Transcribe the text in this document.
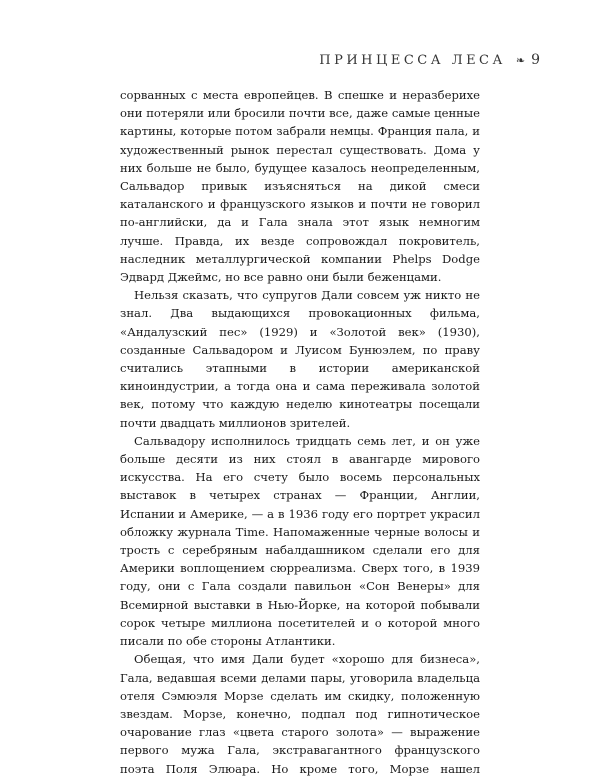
ПРИНЦЕССА ЛЕСА ❧ 9

сорванных с места европейцев. В спешке и неразберихе они потеряли или бросили почти все, даже самые ценные картины, которые потом забрали немцы. Франция пала, и художественный рынок перестал существовать. Дома у них больше не было, будущее казалось неопределенным, Сальвадор привык изъясняться на дикой смеси каталанского и французского языков и почти не говорил по-английски, да и Гала знала этот язык немногим лучше. Правда, их везде сопровождал покровитель, наследник металлургической компании Phelps Dodge Эдвард Джеймс, но все равно они были беженцами.

Нельзя сказать, что супругов Дали совсем уж никто не знал. Два выдающихся провокационных фильма, «Андалузский пес» (1929) и «Золотой век» (1930), созданные Сальвадором и Луисом Бунюэлем, по праву считались этапными в истории американской киноиндустрии, а тогда она и сама переживала золотой век, потому что каждую неделю кинотеатры посещали почти двадцать миллионов зрителей.

Сальвадору исполнилось тридцать семь лет, и он уже больше десяти из них стоял в авангарде мирового искусства. На его счету было восемь персональных выставок в четырех странах — Франции, Англии, Испании и Америке, — а в 1936 году его портрет украсил обложку журнала Time. Напомаженные черные волосы и трость с серебряным набалдашником сделали его для Америки воплощением сюрреализма. Сверх того, в 1939 году, они с Гала создали павильон «Сон Венеры» для Всемирной выставки в Нью-Йорке, на которой побывали сорок четыре миллиона посетителей и о которой много писали по обе стороны Атлантики.

Обещая, что имя Дали будет «хорошо для бизнеса», Гала, ведавшая всеми делами пары, уговорила владельца отеля Сэмюэля Морзе сделать им скидку, положенную звездам. Морзе, конечно, подпал под гипнотическое очарование глаз «цвета старого золота» — выражение первого мужа Гала, экстравагантного французского поэта Поля Элюара. Но кроме того, Морзе нашел
